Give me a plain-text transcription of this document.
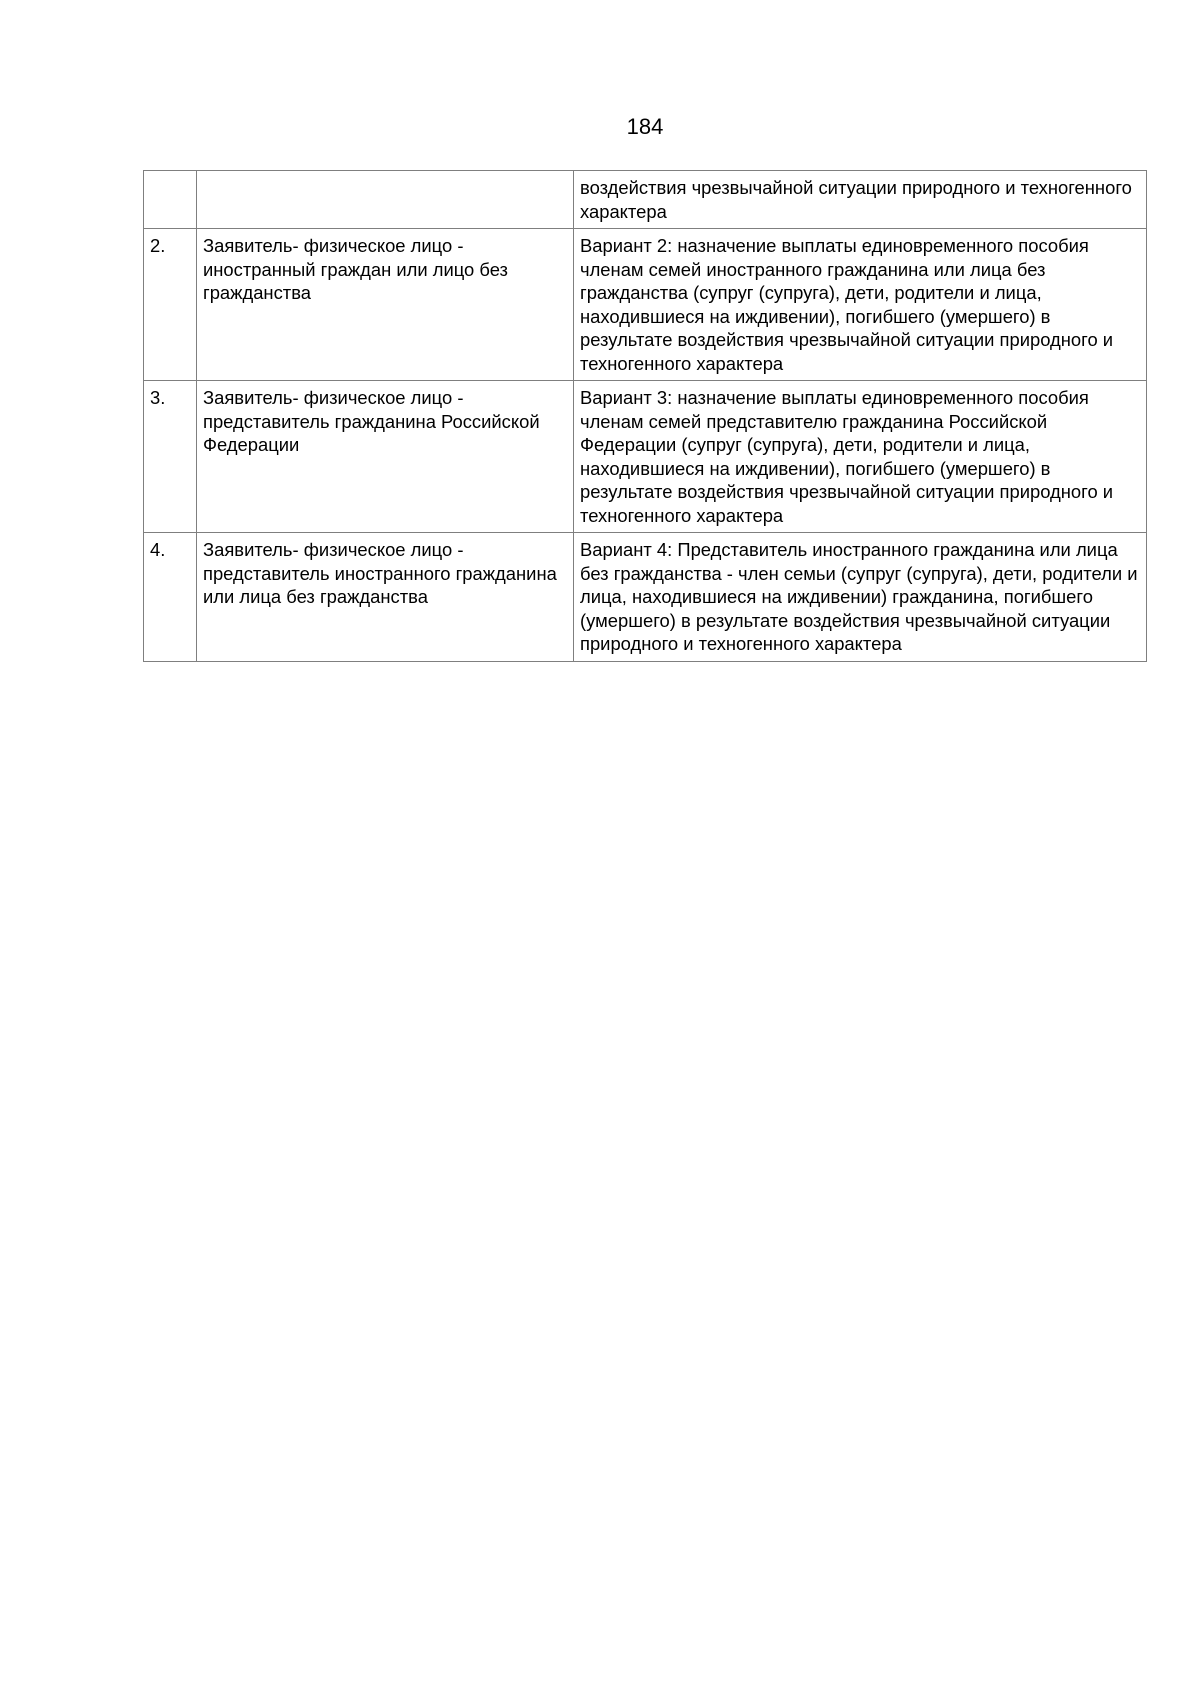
184
		воздействия чрезвычайной ситуации природного и техногенного характера
2.	Заявитель- физическое лицо - иностранный граждан или лицо без гражданства	Вариант 2: назначение выплаты единовременного пособия членам семей иностранного гражданина или лица без гражданства (супруг (супруга), дети, родители и лица, находившиеся на иждивении), погибшего (умершего) в результате воздействия чрезвычайной ситуации природного и техногенного характера
3.	Заявитель- физическое лицо - представитель гражданина Российской Федерации	Вариант 3: назначение выплаты единовременного пособия членам семей представителю гражданина Российской Федерации (супруг (супруга), дети, родители и лица, находившиеся на иждивении), погибшего (умершего) в результате воздействия чрезвычайной ситуации природного и техногенного характера
4.	Заявитель- физическое лицо - представитель иностранного гражданина или лица без гражданства	Вариант 4: Представитель иностранного гражданина или лица без гражданства - член семьи (супруг (супруга), дети, родители и лица, находившиеся на иждивении) гражданина, погибшего (умершего) в результате воздействия чрезвычайной ситуации природного и техногенного характера
